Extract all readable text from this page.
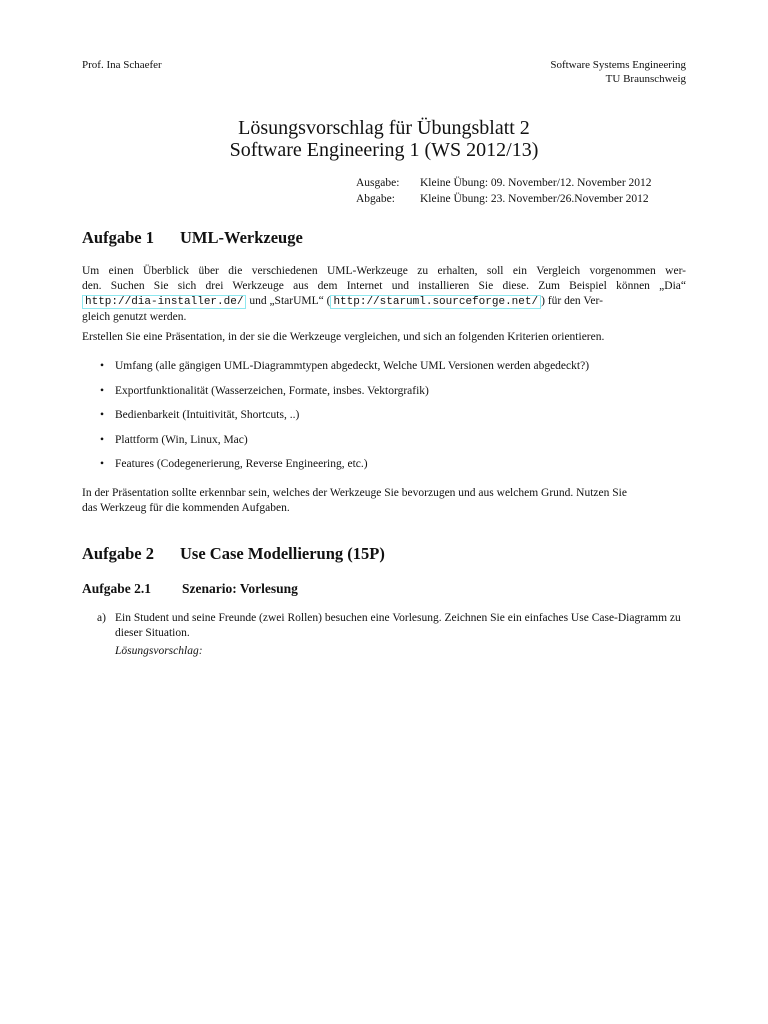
Prof. Ina Schaefer	Software Systems Engineering
TU Braunschweig
Lösungsvorschlag für Übungsblatt 2
Software Engineering 1 (WS 2012/13)
Ausgabe: Kleine Übung: 09. November/12. November 2012
Abgabe: Kleine Übung: 23. November/26.November 2012
Aufgabe 1 UML-Werkzeuge
Um einen Überblick über die verschiedenen UML-Werkzeuge zu erhalten, soll ein Vergleich vorgenommen wer-
den. Suchen Sie sich drei Werkzeuge aus dem Internet und installieren Sie diese. Zum Beispiel können „Dia“
http://dia-installer.de/ und „StarUML“ ( http://staruml.sourceforge.net/ ) für den Ver-
gleich genutzt werden.
Erstellen Sie eine Präsentation, in der sie die Werkzeuge vergleichen, und sich an folgenden Kriterien orientieren.
• Umfang (alle gängigen UML-Diagrammtypen abgedeckt, Welche UML Versionen werden abgedeckt?)
• Exportfunktionalität (Wasserzeichen, Formate, insbes. Vektorgrafik)
• Bedienbarkeit (Intuitivität, Shortcuts, ..)
• Plattform (Win, Linux, Mac)
• Features (Codegenerierung, Reverse Engineering, etc.)
In der Präsentation sollte erkennbar sein, welches der Werkzeuge Sie bevorzugen und aus welchem Grund. Nutzen Sie
das Werkzeug für die kommenden Aufgaben.
Aufgabe 2 Use Case Modellierung (15P)
Aufgabe 2.1 Szenario: Vorlesung
a) Ein Student und seine Freunde (zwei Rollen) besuchen eine Vorlesung. Zeichnen Sie ein einfaches Use Case-Diagramm zu dieser Situation.
Lösungsvorschlag:
